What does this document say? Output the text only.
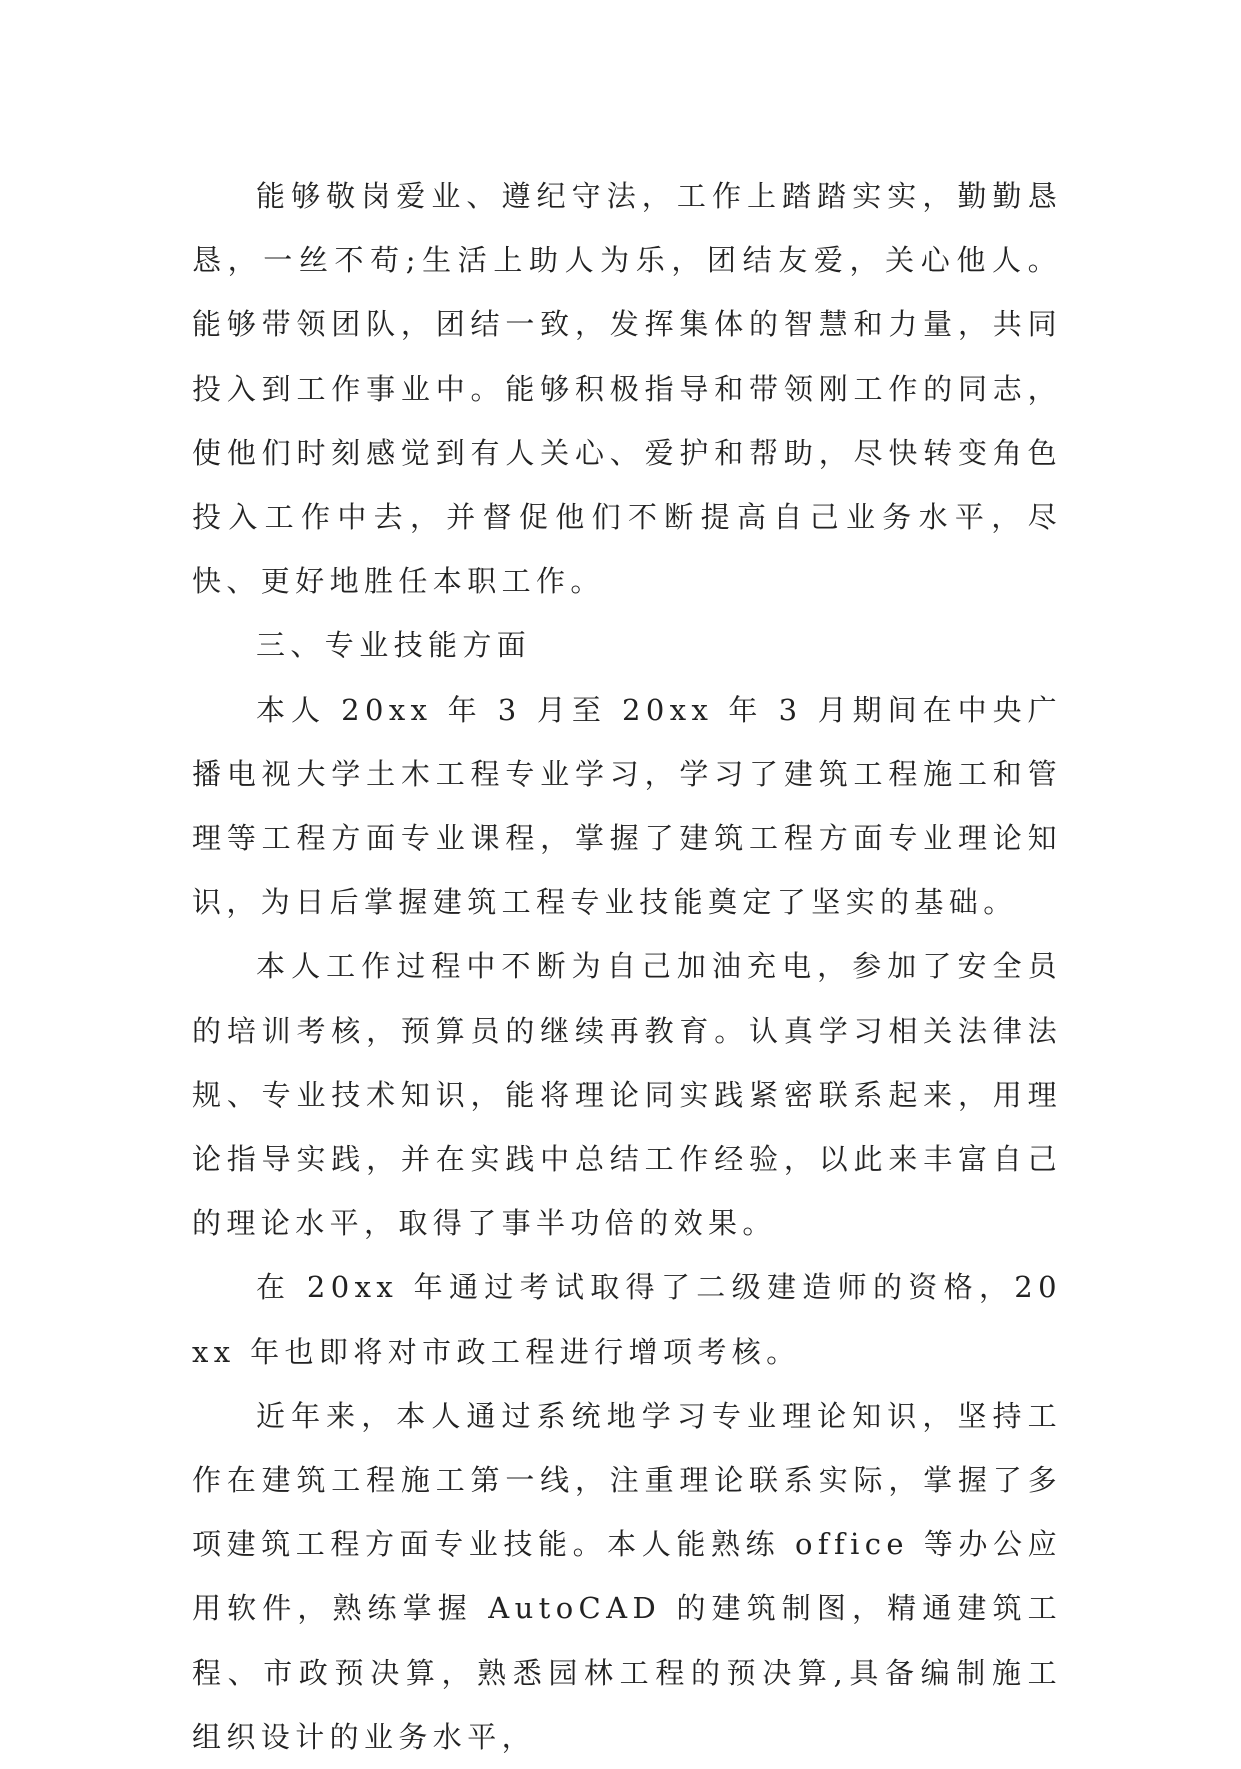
能够敬岗爱业、遵纪守法，工作上踏踏实实，勤勤恳恳，一丝不苟;生活上助人为乐，团结友爱，关心他人。能够带领团队，团结一致，发挥集体的智慧和力量，共同投入到工作事业中。能够积极指导和带领刚工作的同志，使他们时刻感觉到有人关心、爱护和帮助，尽快转变角色投入工作中去，并督促他们不断提高自己业务水平，尽快、更好地胜任本职工作。

三、专业技能方面

本人 20xx 年 3 月至 20xx 年 3 月期间在中央广播电视大学土木工程专业学习，学习了建筑工程施工和管理等工程方面专业课程，掌握了建筑工程方面专业理论知识，为日后掌握建筑工程专业技能奠定了坚实的基础。

本人工作过程中不断为自己加油充电，参加了安全员的培训考核，预算员的继续再教育。认真学习相关法律法规、专业技术知识，能将理论同实践紧密联系起来，用理论指导实践，并在实践中总结工作经验，以此来丰富自己的理论水平，取得了事半功倍的效果。

在 20xx 年通过考试取得了二级建造师的资格，20xx 年也即将对市政工程进行增项考核。

近年来，本人通过系统地学习专业理论知识，坚持工作在建筑工程施工第一线，注重理论联系实际，掌握了多项建筑工程方面专业技能。本人能熟练 office 等办公应用软件，熟练掌握 AutoCAD 的建筑制图，精通建筑工程、市政预决算，熟悉园林工程的预决算,具备编制施工组织设计的业务水平，
